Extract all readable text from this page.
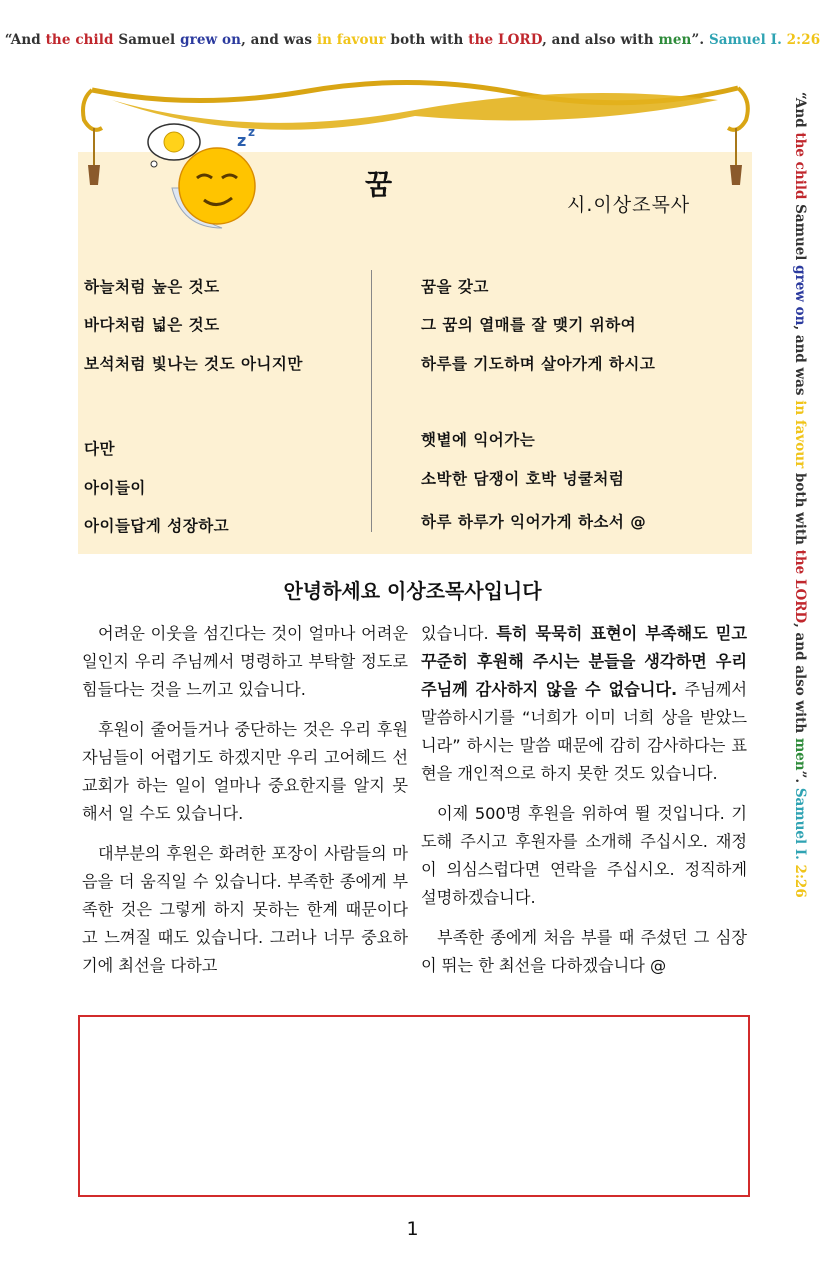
“And the child Samuel grew on, and was in favour both with the LORD, and also with men”. Samuel I. 2:26
“And the child Samuel grew on, and was in favour both with the LORD, and also with men”. Samuel I. 2:26
z z
꿈
시.이상조목사
하늘처럼 높은 것도
바다처럼 넓은 것도
보석처럼 빛나는 것도 아니지만
다만
아이들이
아이들답게 성장하고
꿈을 갖고
그 꿈의 열매를 잘 맺기 위하여
하루를 기도하며 살아가게 하시고
햇볕에 익어가는
소박한 담쟁이 호박 넝쿨처럼
하루 하루가 익어가게 하소서 @
안녕하세요 이상조목사입니다

어려운 이웃을 섬긴다는 것이 얼마나 어려운 일인지 우리 주님께서 명령하고 부탁할 정도로 힘들다는 것을 느끼고 있습니다.

후원이 줄어들거나 중단하는 것은 우리 후원자님들이 어렵기도 하겠지만 우리 고어헤드 선교회가 하는 일이 얼마나 중요한지를 알지 못해서 일 수도 있습니다.

대부분의 후원은 화려한 포장이 사람들의 마음을 더 움직일 수 있습니다. 부족한 종에게 부족한 것은 그렇게 하지 못하는 한계 때문이다 고 느껴질 때도 있습니다. 그러나 너무 중요하기에 최선을 다하고

있습니다. 특히 묵묵히 표현이 부족해도 믿고 꾸준히 후원해 주시는 분들을 생각하면 우리 주님께 감사하지 않을 수 없습니다. 주님께서 말씀하시기를 “너희가 이미 너희 상을 받았느니라” 하시는 말씀 때문에 감히 감사하다는 표현을 개인적으로 하지 못한 것도 있습니다.

이제 500명 후원을 위하여 뛸 것입니다. 기도해 주시고 후원자를 소개해 주십시오. 재정이 의심스럽다면 연락을 주십시오. 정직하게 설명하겠습니다.

부족한 종에게 처음 부를 때 주셨던 그 심장이 뛰는 한 최선을 다하겠습니다 @

1
